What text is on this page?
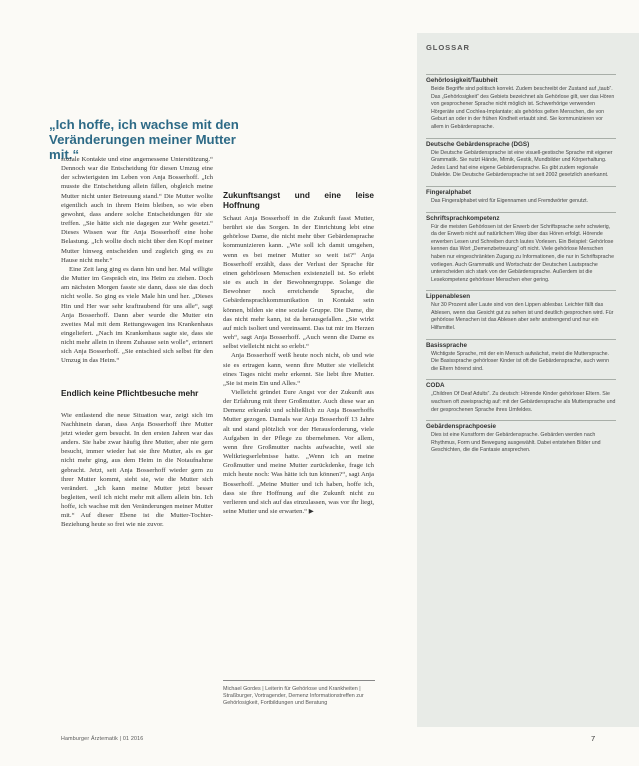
„Ich hoffe, ich wachse mit den Veränderungen meiner Mutter mit.“

soziale Kontakte und eine angemessene Unterstützung.“ Dennoch war die Entscheidung für diesen Umzug eine der schwierigsten im Leben von Anja Bosserhoff. „Ich musste die Entscheidung allein fällen, obgleich meine Mutter nicht unter Betreuung stand.“ Die Mutter wollte eigentlich auch in ihrem Heim bleiben, so wie eben gewohnt, dass andere solche Entscheidungen für sie treffen. „Sie hätte sich nie dagegen zur Wehr gesetzt.“ Dieses Wissen war für Anja Bosserhoff eine hohe Belastung. „Ich wollte doch nicht über den Kopf meiner Mutter hinweg entscheiden und zugleich ging es zu Hause nicht mehr.“

Eine Zeit lang ging es dann hin und her. Mal willigte die Mutter im Gespräch ein, ins Heim zu ziehen. Doch am nächsten Morgen fasste sie dann, dass sie das doch nicht wolle. So ging es viele Male hin und her. „Dieses Hin und Her war sehr kraftraubend für uns alle“, sagt Anja Bosserhoff. Dann aber wurde die Mutter ein zweites Mal mit dem Rettungswagen ins Krankenhaus eingeliefert. „Nach im Krankenhaus sagte sie, dass sie nicht mehr allein in ihrem Zuhause sein wolle“, erinnert sich Anja Bosserhoff. „Sie entschied sich selbst für den Umzug in das Heim.“

Endlich keine Pflichtbesuche mehr

Wie entlastend die neue Situation war, zeigt sich im Nachhinein daran, dass Anja Bosserhoff ihre Mutter jetzt wieder gern besucht. In den ersten Jahren war das anders. Sie habe zwar häufig ihre Mutter, aber nie gern besucht, immer wieder hat sie ihre Mutter, als es gar nicht mehr ging, aus dem Heim in die Notaufnahme gebracht. Jetzt, seit Anja Bosserhoff wieder gern zu ihrer Mutter kommt, sieht sie, wie die Mutter sich verändert. „Ich kann meine Mutter jetzt besser begleiten, weil ich nicht mehr mit allem allein bin. Ich hoffe, ich wachse mit den Veränderungen meiner Mutter mit.“ Auf dieser Ebene ist die Mutter-Tochter-Beziehung heute so frei wie nie zuvor.

Zukunftsangst und eine leise Hoffnung

Schaut Anja Bosserhoff in die Zukunft fasst Mutter, berührt sie das Sorgen. In der Einrichtung lebt eine gehörlose Dame, die nicht mehr über Gebärdensprache kommunizieren kann. „Wie soll ich damit umgehen, wenn es bei meiner Mutter so weit ist?“ Anja Bosserhoff erzählt, dass der Verlust der Sprache für einen gehörlosen Menschen existenziell ist. So erlebt sie es auch in der Bewohnergruppe. Solange die Bewohner noch erreichende Sprache, die Gebärdensprachkommunikation in Kontakt sein können, bilden sie eine soziale Gruppe. Die Dame, die das nicht mehr kann, ist da herausgefallen. „Sie wirkt auf mich isoliert und vereinsamt. Das tut mir im Herzen weh“, sagt Anja Bosserhoff. „Auch wenn die Dame es selbst vielleicht nicht so erlebt.“

Anja Bosserhoff weiß heute noch nicht, ob und wie sie es ertragen kann, wenn ihre Mutter sie vielleicht eines Tages nicht mehr erkennt. Sie liebt ihre Mutter. „Sie ist mein Ein und Alles.“

Vielleicht gründet Eure Angst vor der Zukunft aus der Erfahrung mit ihrer Großmutter. Auch diese war an Demenz erkrankt und schließlich zu Anja Bosserhoffs Mutter gezogen. Damals war Anja Bosserhoff 13 Jahre alt und stand plötzlich vor der Herausforderung, viele Aufgaben in der Pflege zu übernehmen. Vor allem, wenn ihre Großmutter nachts aufwachte, weil sie Weltkriegserlebnisse hatte. „Wenn ich an meine Großmutter und meine Mutter zurückdenke, frage ich mich heute noch: Was hätte ich tun können?“, sagt Anja Bosserhoff. „Meine Mutter und ich haben, hoffe ich, dass sie ihre Hoffnung auf die Zukunft nicht zu verlieren und sich auf das einzulassen, was vor ihr liegt, seine Mutter und sie erwarten.“ ▶

Michael Gordes | Leiterin für Gehörlose und Krankheiten | Straßburger, Vortragender, Demenz Informationstreffen zur Gehörlosigkeit, Fortbildungen und Beratung
Hamburger Ärztematik | 01 2016	7
GLOSSAR
Gehörlosigkeit/Taubheit
Beide Begriffe sind politisch korrekt. Zudem beschreibt der Zustand auf „taub“. Das „Gehörlosigkeit“ des Gebiets bezeichnet als Gehörlose gilt, wer das Hören von gesprochener Sprache nicht möglich ist. Schwerhörige verwenden Hörgeräte und Cochlea-Implantate; als gehörlos gelten Menschen, die von Geburt an oder in der frühen Kindheit ertaubt sind. Sie kommunizieren vor allem in Gebärdensprache.
Deutsche Gebärdensprache (DGS)
Die Deutsche Gebärdensprache ist eine visuell-gestische Sprache mit eigener Grammatik. Sie nutzt Hände, Mimik, Gestik, Mundbilder und Körperhaltung. Jedes Land hat eine eigene Gebärdensprache. Es gibt zudem regionale Dialekte. Die Deutsche Gebärdensprache ist seit 2002 gesetzlich anerkannt.
Fingeralphabet
Das Fingeralphabet wird für Eigennamen und Fremdwörter genutzt.
Schriftsprachkompetenz
Für die meisten Gehörlosen ist der Erwerb der Schriftsprache sehr schwierig, da der Erwerb nicht auf natürlichem Weg über das Hören erfolgt. Hörende erwerben Lesen und Schreiben durch lautes Vorlesen. Ein Beispiel: Gehörlose kennen das Wort „Demenzbetreuung“ oft nicht. Viele gehörlose Menschen haben nur eingeschränkten Zugang zu Informationen, die nur in Schriftsprache vorliegen. Auch Grammatik und Wortschatz der Deutschen Lautsprache unterscheiden sich stark von der Gebärdensprache. Außerdem ist die Lesekompetenz gehörloser Menschen eher gering.
Lippenablesen
Nur 30 Prozent aller Laute sind von den Lippen ablesbar. Leichter fällt das Ablesen, wenn das Gesicht gut zu sehen ist und deutlich gesprochen wird. Für gehörlose Menschen ist das Ablesen aber sehr anstrengend und nur ein Hilfsmittel.
Basissprache
Wichtigste Sprache, mit der ein Mensch aufwächst, meist die Muttersprache. Die Basissprache gehörloser Kinder ist oft die Gebärdensprache, auch wenn die Eltern hörend sind.
CODA
„Children Of Deaf Adults“. Zu deutsch: Hörende Kinder gehörloser Eltern. Sie wachsen oft zweisprachig auf: mit der Gebärdensprache als Muttersprache und der gesprochenen Sprache ihres Umfeldes.
Gebärdensprachpoesie
Dies ist eine Kunstform der Gebärdensprache. Gebärden werden nach Rhythmus, Form und Bewegung ausgewählt. Dabei entstehen Bilder und Geschichten, die die Fantasie ansprechen.
